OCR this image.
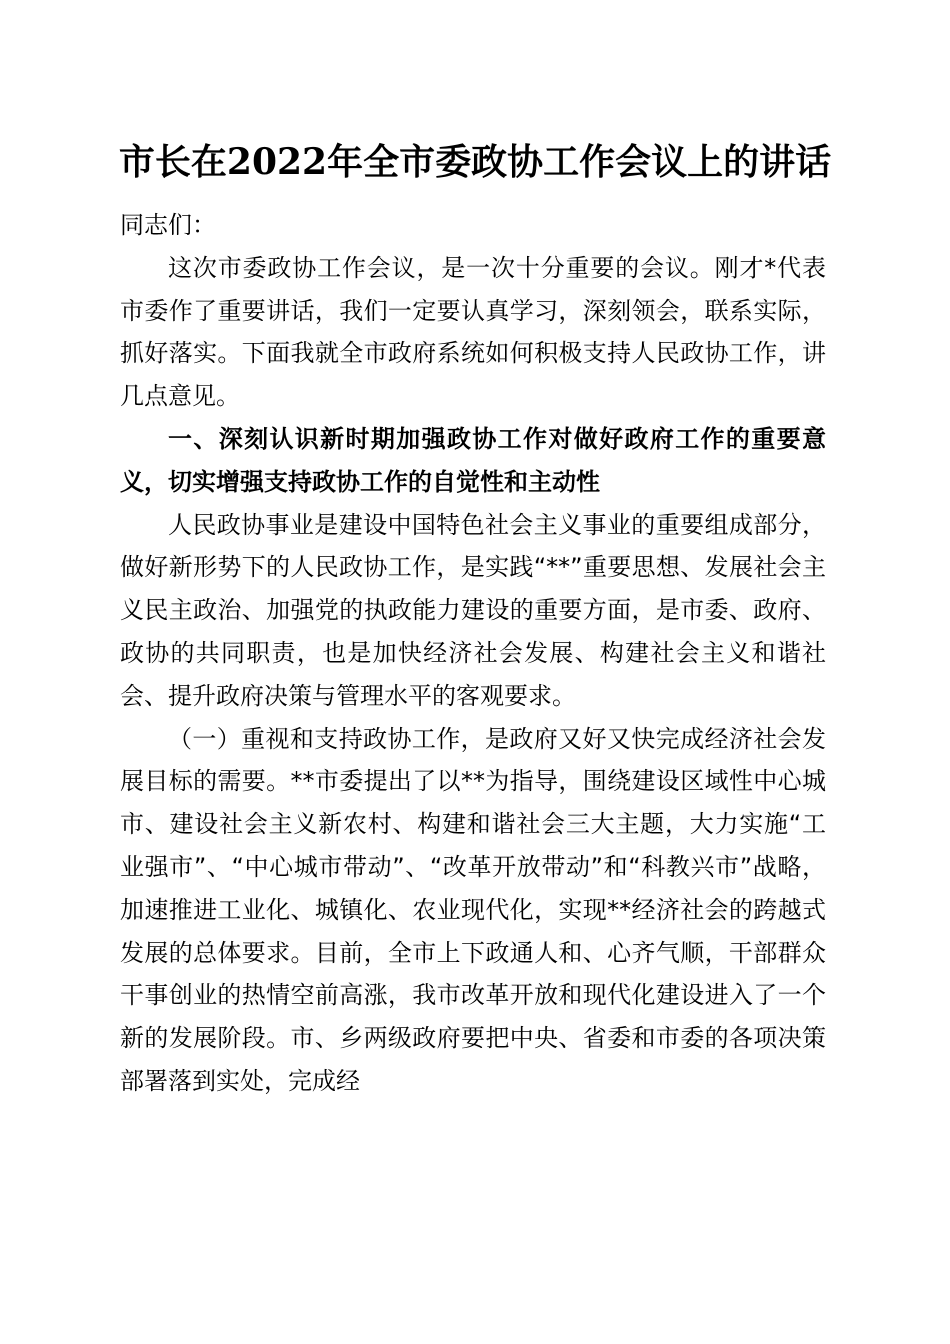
市长在2022年全市委政协工作会议上的讲话

同志们：

这次市委政协工作会议，是一次十分重要的会议。刚才*代表市委作了重要讲话，我们一定要认真学习，深刻领会，联系实际，抓好落实。下面我就全市政府系统如何积极支持人民政协工作，讲几点意见。

一、深刻认识新时期加强政协工作对做好政府工作的重要意义，切实增强支持政协工作的自觉性和主动性

人民政协事业是建设中国特色社会主义事业的重要组成部分，做好新形势下的人民政协工作，是实践“**”重要思想、发展社会主义民主政治、加强党的执政能力建设的重要方面，是市委、政府、政协的共同职责，也是加快经济社会发展、构建社会主义和谐社会、提升政府决策与管理水平的客观要求。

（一）重视和支持政协工作，是政府又好又快完成经济社会发展目标的需要。**市委提出了以**为指导，围绕建设区域性中心城市、建设社会主义新农村、构建和谐社会三大主题，大力实施“工业强市”、“中心城市带动”、“改革开放带动”和“科教兴市”战略，加速推进工业化、城镇化、农业现代化，实现**经济社会的跨越式发展的总体要求。目前，全市上下政通人和、心齐气顺，干部群众干事创业的热情空前高涨，我市改革开放和现代化建设进入了一个新的发展阶段。市、乡两级政府要把中央、省委和市委的各项决策部署落到实处，完成经
